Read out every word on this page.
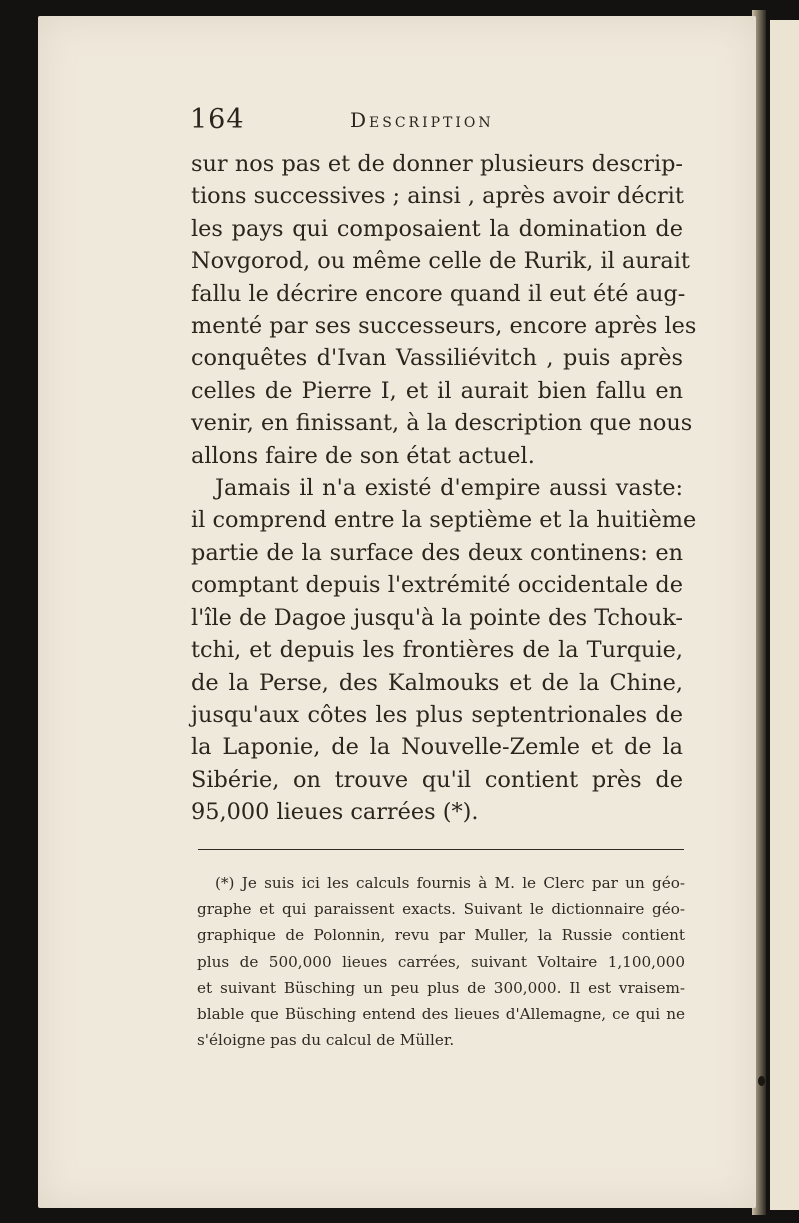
164	Description
sur nos pas et de donner plusieurs descrip-
tions successives ; ainsi , après avoir décrit
les pays qui composaient la domination de
Novgorod, ou même celle de Rurik, il aurait
fallu le décrire encore quand il eut été aug-
menté par ses successeurs, encore après les
conquêtes d'Ivan Vassiliévitch , puis après
celles de Pierre I, et il aurait bien fallu en
venir, en finissant, à la description que nous
allons faire de son état actuel.
Jamais il n'a existé d'empire aussi vaste:
il comprend entre la septième et la huitième
partie de la surface des deux continens: en
comptant depuis l'extrémité occidentale de
l'île de Dagoe jusqu'à la pointe des Tchouk-
tchi, et depuis les frontières de la Turquie,
de la Perse, des Kalmouks et de la Chine,
jusqu'aux côtes les plus septentrionales de
la Laponie, de la Nouvelle-Zemle et de la
Sibérie, on trouve qu'il contient près de
95,000 lieues carrées (*).
(*) Je suis ici les calculs fournis à M. le Clerc par un géo-
graphe et qui paraissent exacts. Suivant le dictionnaire géo-
graphique de Polonnin, revu par Muller, la Russie contient
plus de 500,000 lieues carrées, suivant Voltaire 1,100,000
et suivant Büsching un peu plus de 300,000. Il est vraisem-
blable que Büsching entend des lieues d'Allemagne, ce qui ne
s'éloigne pas du calcul de Müller.
